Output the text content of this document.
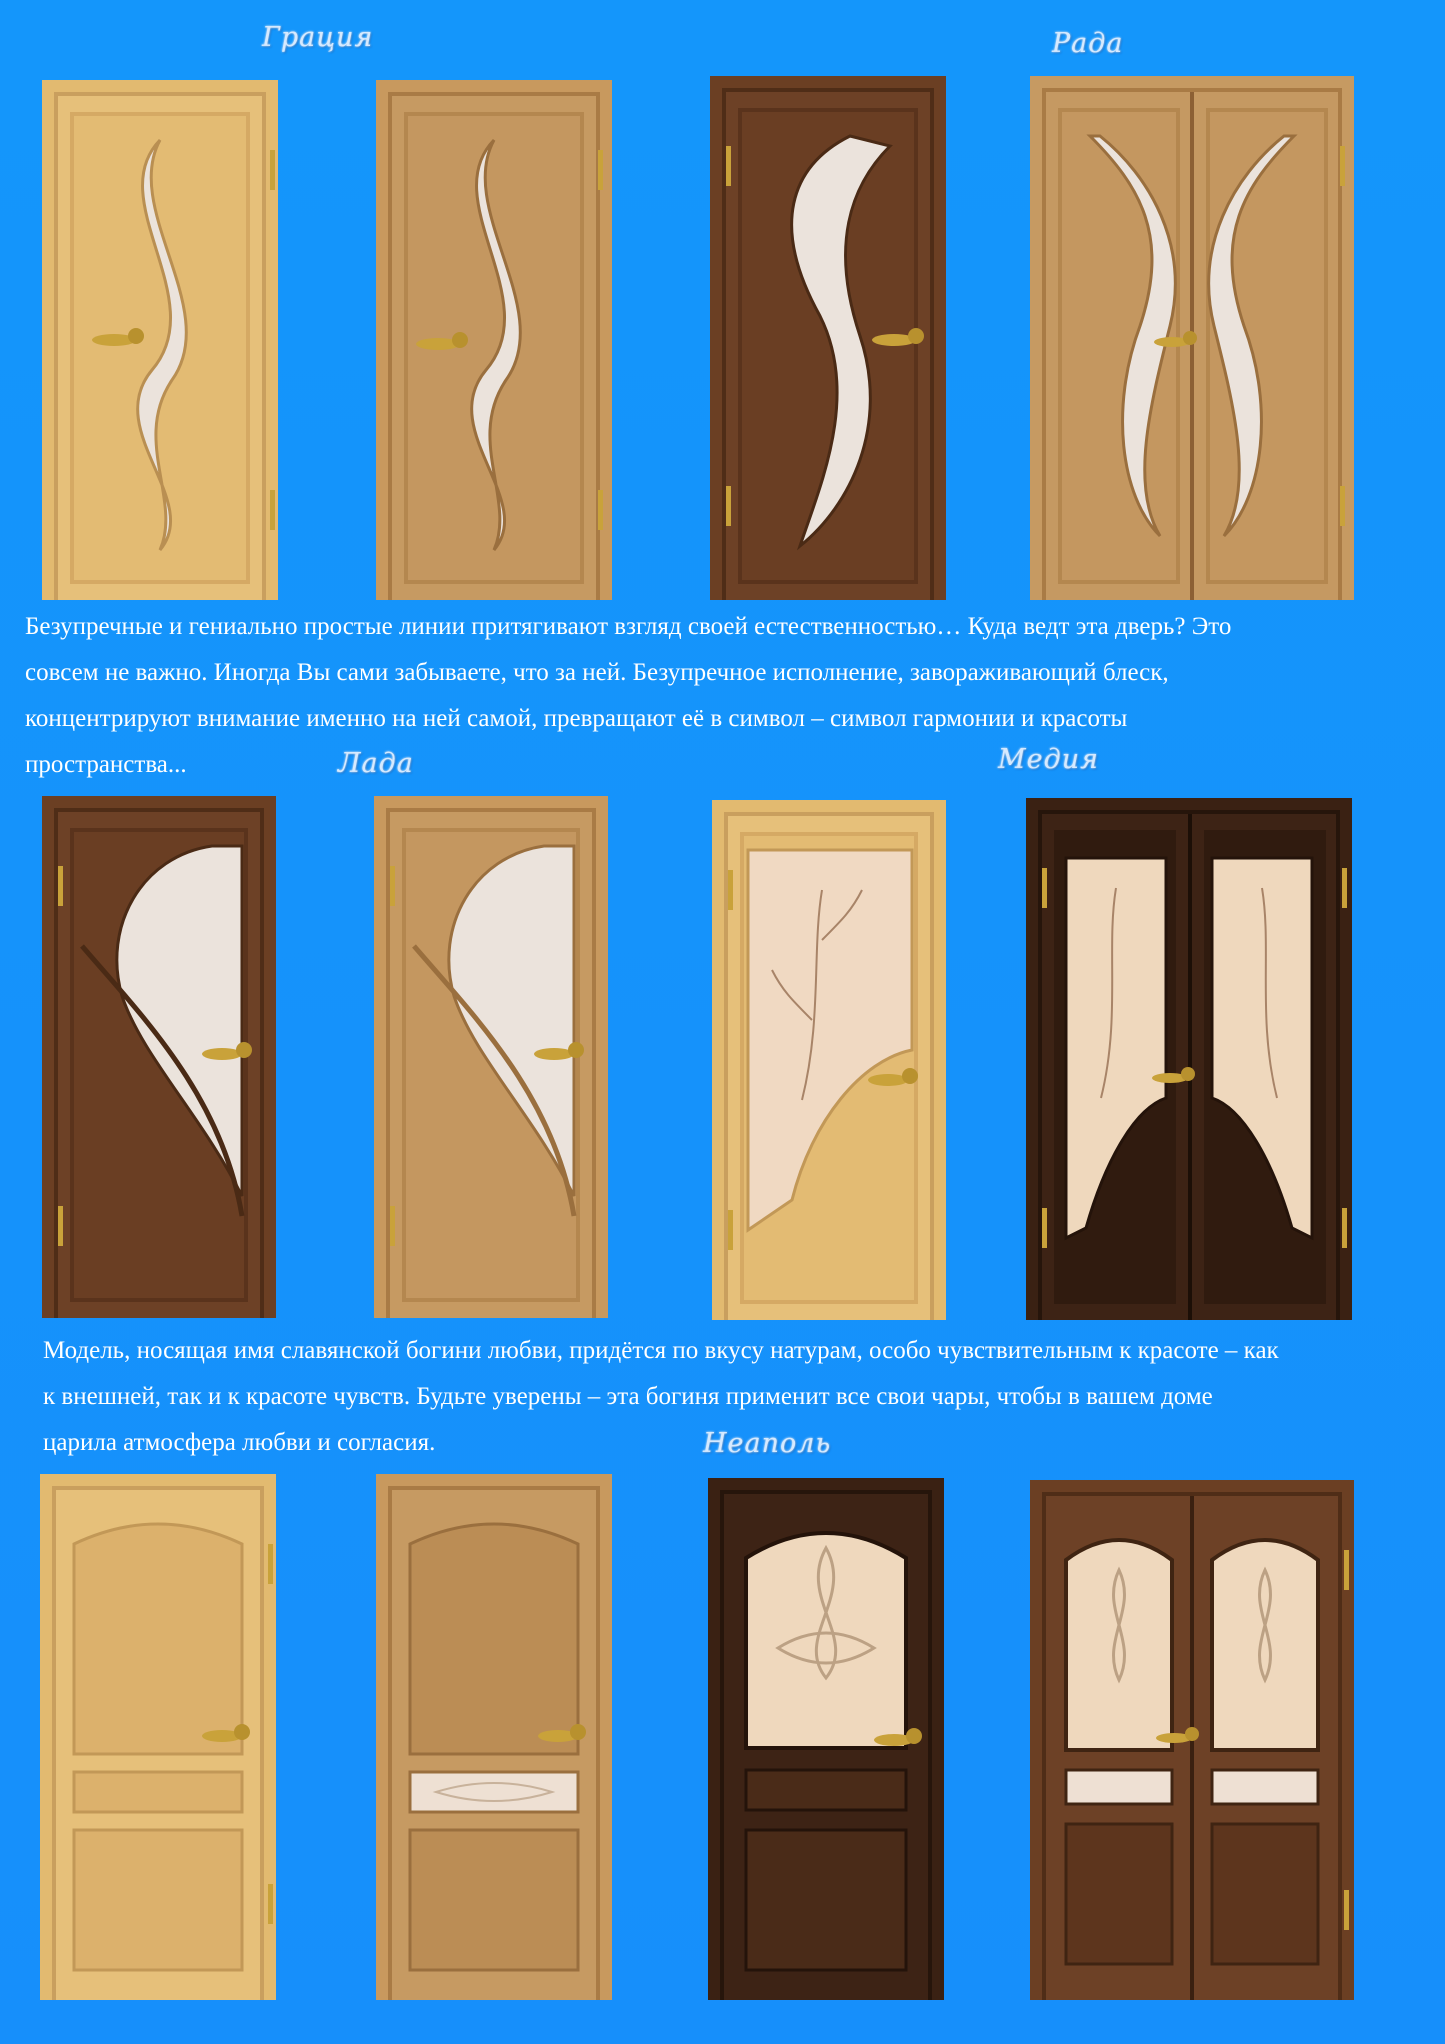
Грация	Рада
Лада	Медия
Неаполь
Безупречные и гениально простые линии притягивают взгляд своей естественностью… Куда ведт эта дверь? Это
совсем не важно. Иногда Вы сами забываете, что за ней. Безупречное исполнение, завораживающий блеск,
концентрируют внимание именно на ней самой, превращают её в символ – символ гармонии и красоты
пространства...
Модель, носящая имя славянской богини любви, придётся по вкусу натурам, особо чувствительным к красоте – как
к внешней, так и к красоте чувств. Будьте уверены – эта богиня применит все свои чары, чтобы в вашем доме
царила атмосфера любви и согласия.
